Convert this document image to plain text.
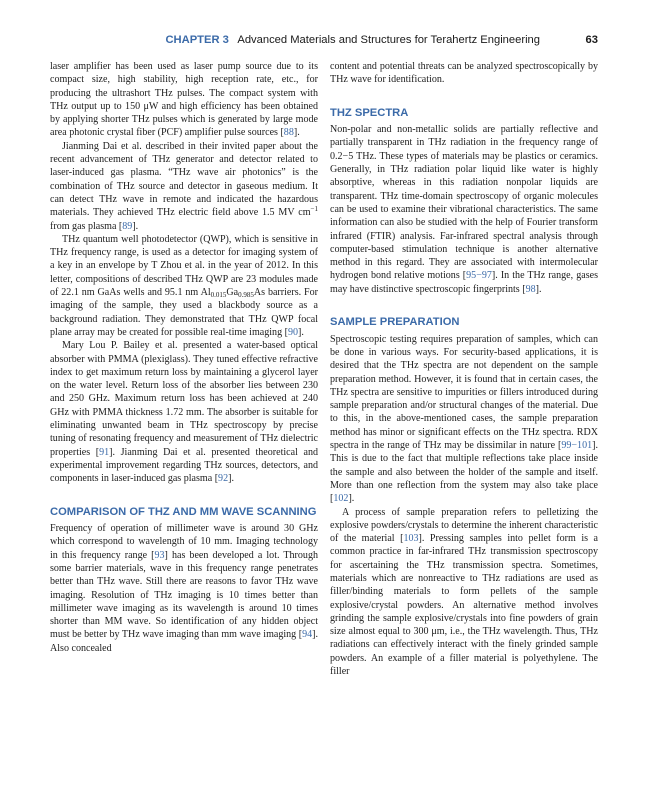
CHAPTER 3 Advanced Materials and Structures for Terahertz Engineering	63

laser amplifier has been used as laser pump source due to its compact size, high stability, high reception rate, etc., for producing the ultrashort THz pulses. The compact system with THz output up to 150 μW and high efficiency has been obtained by applying shorter THz pulses which is generated by large mode area photonic crystal fiber (PCF) amplifier pulse sources [88].

Jianming Dai et al. described in their invited paper about the recent advancement of THz generator and detector related to laser-induced gas plasma. “THz wave air photonics” is the combination of THz source and detector in gaseous medium. It can detect THz wave in remote and indicated the hazardous materials. They achieved THz electric field above 1.5 MV $cm^{-1}$ from gas plasma [89].

THz quantum well photodetector (QWP), which is sensitive in THz frequency range, is used as a detector for imaging system of a key in an envelope by T Zhou et al. in the year of 2012. In this letter, compositions of described THz QWP are 23 modules made of 22.1 nm GaAs wells and 95.1 nm $Al_{0.015}Ga_{0.985}As$ barriers. For imaging of the sample, they used a blackbody source as a background radiation. They demonstrated that THz QWP focal plane array may be created for possible real-time imaging [90].

Mary Lou P. Bailey et al. presented a water-based optical absorber with PMMA (plexiglass). They tuned effective refractive index to get maximum return loss by maintaining a glycerol layer on the water level. Return loss of the absorber lies between 230 and 250 GHz. Maximum return loss has been achieved at 240 GHz with PMMA thickness 1.72 mm. The absorber is suitable for eliminating unwanted beam in THz spectroscopy by precise tuning of resonating frequency and measurement of THz dielectric properties [91]. Jianming Dai et al. presented theoretical and experimental improvement regarding THz sources, detectors, and components in laser-induced gas plasma [92].

COMPARISON OF THZ AND MM WAVE SCANNING

Frequency of operation of millimeter wave is around 30 GHz which correspond to wavelength of 10 mm. Imaging technology in this frequency range [93] has been developed a lot. Through some barrier materials, wave in this frequency range penetrates better than THz wave. Still there are reasons to favor THz wave imaging. Resolution of THz imaging is 10 times better than millimeter wave imaging as its wavelength is around 10 times shorter than MM wave. So identification of any hidden object must be better by THz wave imaging than mm wave imaging [94]. Also concealed

content and potential threats can be analyzed spectroscopically by THz wave for identification.

THZ SPECTRA

Non-polar and non-metallic solids are partially reflective and partially transparent in THz radiation in the frequency range of 0.2−5 THz. These types of materials may be plastics or ceramics. Generally, in THz radiation polar liquid like water is highly absorptive, whereas in this radiation nonpolar liquids are transparent. THz time-domain spectroscopy of organic molecules can be used to examine their vibrational characteristics. The same information can also be studied with the help of Fourier transform infrared (FTIR) analysis. Far-infrared spectral analysis through computer-based stimulation technique is another alternative method in this regard. They are associated with intermolecular hydrogen bond relative motions [95−97]. In the THz range, gases may have distinctive spectroscopic fingerprints [98].

SAMPLE PREPARATION

Spectroscopic testing requires preparation of samples, which can be done in various ways. For security-based applications, it is desired that the THz spectra are not dependent on the sample preparation method. However, it is found that in certain cases, the THz spectra are sensitive to impurities or fillers introduced during sample preparation and/or structural changes of the material. Due to this, in the above-mentioned cases, the sample preparation method has minor or significant effects on the THz spectra. RDX spectra in the range of THz may be dissimilar in nature [99−101]. This is due to the fact that multiple reflections take place inside the sample and also between the holder of the sample and itself. More than one reflection from the system may also take place [102].

A process of sample preparation refers to pelletizing the explosive powders/crystals to determine the inherent characteristic of the material [103]. Pressing samples into pellet form is a common practice in far-infrared THz transmission spectroscopy for ascertaining the THz transmission spectra. Sometimes, materials which are nonreactive to THz radiations are used as filler/binding materials to form pellets of the sample explosive/crystal powders. An alternative method involves grinding the sample explosive/crystals into fine powders of grain size almost equal to 300 μm, i.e., the THz wavelength. Thus, THz radiations can effectively interact with the finely grinded sample powders. An example of a filler material is polyethylene. The filler
